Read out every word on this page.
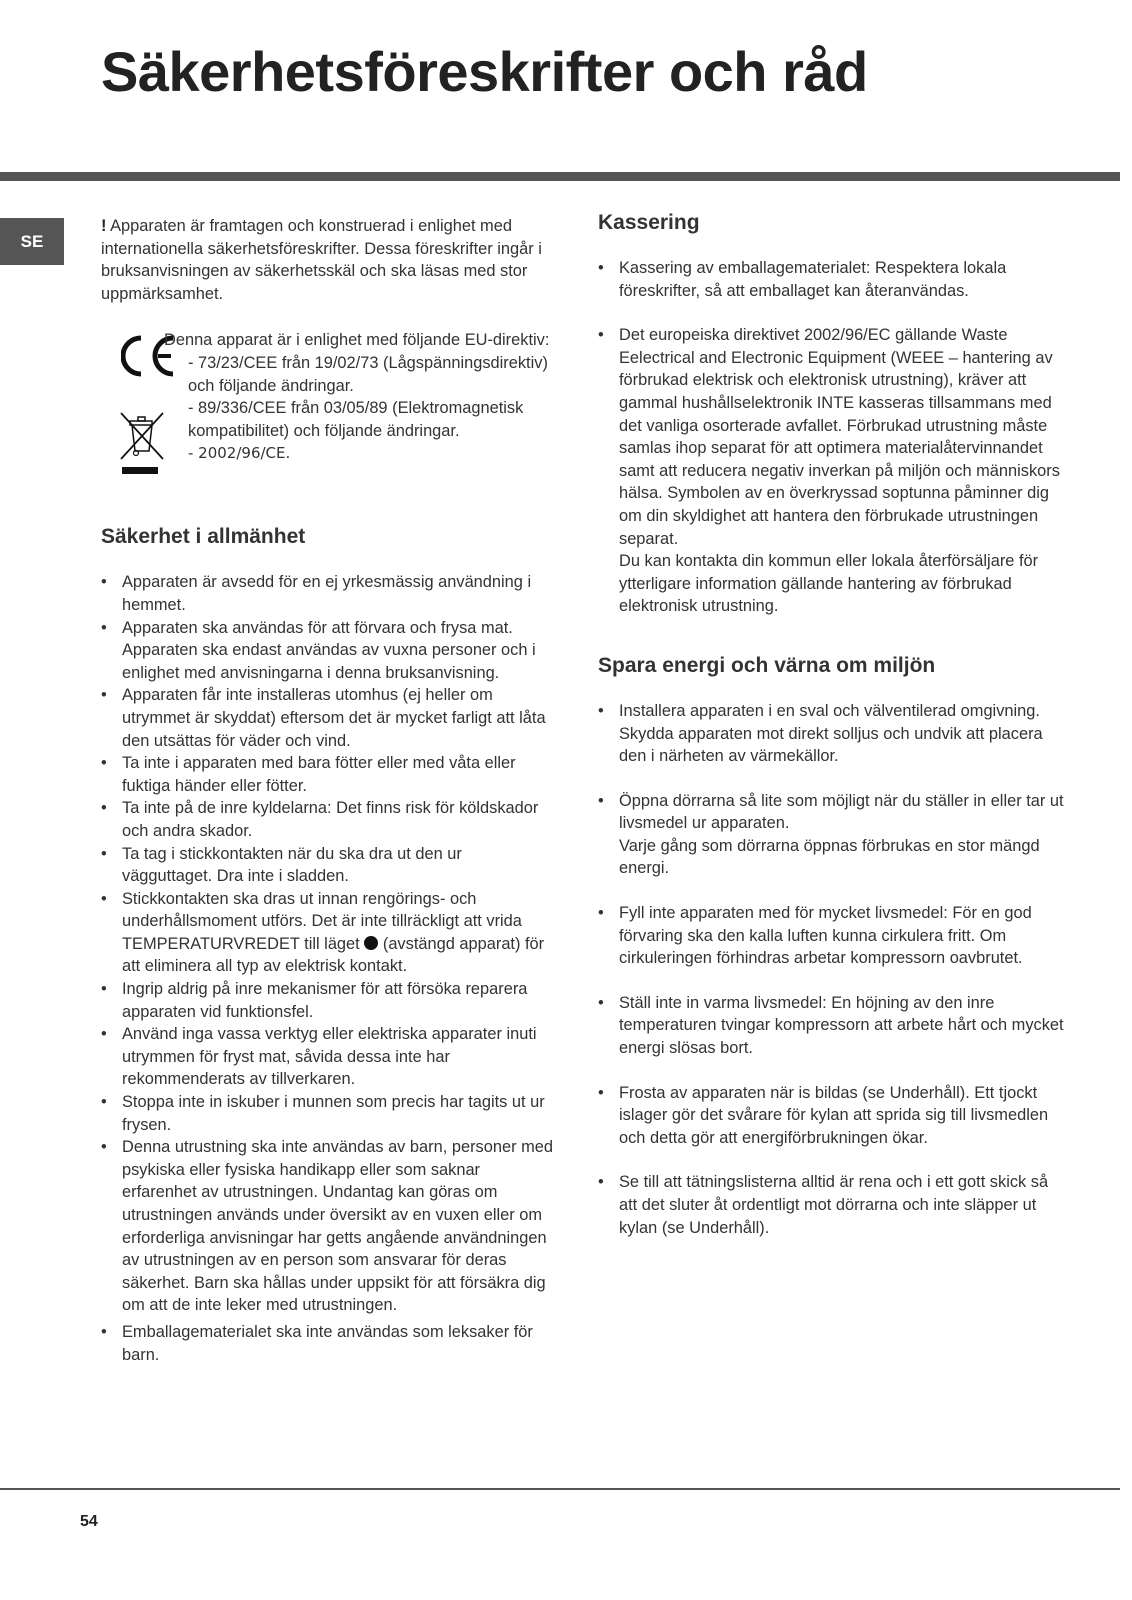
Säkerhetsföreskrifter och råd
SE

! Apparaten är framtagen och konstruerad i enlighet med internationella säkerhetsföreskrifter. Dessa föreskrifter ingår i bruksanvisningen av säkerhetsskäl och ska läsas med stor uppmärksamhet.

Denna apparat är i enlighet med följande EU-direktiv:

- 73/23/CEE från 19/02/73 (Lågspänningsdirektiv) och följande ändringar.

- 89/336/CEE från 03/05/89 (Elektromagnetisk kompatibilitet) och följande ändringar.

- 2002/96/CE.

Säkerhet i allmänhet
• Apparaten är avsedd för en ej yrkesmässig användning i hemmet.
• Apparaten ska användas för att förvara och frysa mat. Apparaten ska endast användas av vuxna personer och i enlighet med anvisningarna i denna bruksanvisning.
• Apparaten får inte installeras utomhus (ej heller om utrymmet är skyddat) eftersom det är mycket farligt att låta den utsättas för väder och vind.
• Ta inte i apparaten med bara fötter eller med våta eller fuktiga händer eller fötter.
• Ta inte på de inre kyldelarna: Det finns risk för köldskador och andra skador.
• Ta tag i stickkontakten när du ska dra ut den ur vägguttaget. Dra inte i sladden.
• Stickkontakten ska dras ut innan rengörings- och underhållsmoment utförs. Det är inte tillräckligt att vrida TEMPERATURVREDET till läget (avstängd apparat) för att eliminera all typ av elektrisk kontakt.
• Ingrip aldrig på inre mekanismer för att försöka reparera apparaten vid funktionsfel.
• Använd inga vassa verktyg eller elektriska apparater inuti utrymmen för fryst mat, såvida dessa inte har rekommenderats av tillverkaren.
• Stoppa inte in iskuber i munnen som precis har tagits ut ur frysen.
• Denna utrustning ska inte användas av barn, personer med psykiska eller fysiska handikapp eller som saknar erfarenhet av utrustningen. Undantag kan göras om utrustningen används under översikt av en vuxen eller om erforderliga anvisningar har getts angående användningen av utrustningen av en person som ansvarar för deras säkerhet. Barn ska hållas under uppsikt för att försäkra dig om att de inte leker med utrustningen.
• Emballagematerialet ska inte användas som leksaker för barn.
Kassering
• Kassering av emballagematerialet: Respektera lokala föreskrifter, så att emballaget kan återanvändas.

• Det europeiska direktivet 2002/96/EC gällande Waste Eelectrical and Electronic Equipment (WEEE – hantering av förbrukad elektrisk och elektronisk utrustning), kräver att gammal hushållselektronik INTE kasseras tillsammans med det vanliga osorterade avfallet. Förbrukad utrustning måste samlas ihop separat för att optimera materialåtervinnandet samt att reducera negativ inverkan på miljön och människors hälsa. Symbolen av en överkryssad soptunna påminner dig om din skyldighet att hantera den förbrukade utrustningen separat.

Du kan kontakta din kommun eller lokala återförsäljare för ytterligare information gällande hantering av förbrukad elektronisk utrustning.

Spara energi och värna om miljön
• Installera apparaten i en sval och välventilerad omgivning. Skydda apparaten mot direkt solljus och undvik att placera den i närheten av värmekällor.

• Öppna dörrarna så lite som möjligt när du ställer in eller tar ut livsmedel ur apparaten.

Varje gång som dörrarna öppnas förbrukas en stor mängd energi.

• Fyll inte apparaten med för mycket livsmedel: För en god förvaring ska den kalla luften kunna cirkulera fritt. Om cirkuleringen förhindras arbetar kompressorn oavbrutet.
• Ställ inte in varma livsmedel: En höjning av den inre temperaturen tvingar kompressorn att arbete hårt och mycket energi slösas bort.
• Frosta av apparaten när is bildas (se Underhåll). Ett tjockt islager gör det svårare för kylan att sprida sig till livsmedlen och detta gör att energiförbrukningen ökar.
• Se till att tätningslisterna alltid är rena och i ett gott skick så att det sluter åt ordentligt mot dörrarna och inte släpper ut kylan (se Underhåll).
54
